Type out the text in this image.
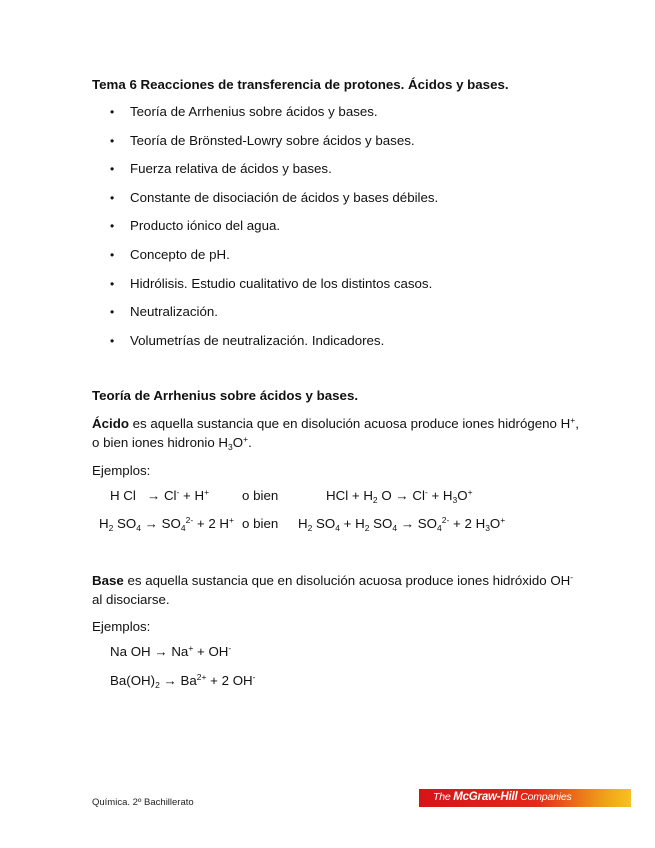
Tema 6 Reacciones de transferencia de protones. Ácidos y bases.
• Teoría de Arrhenius sobre ácidos y bases.
• Teoría de Brönsted-Lowry sobre ácidos y bases.
• Fuerza relativa de ácidos y bases.
• Constante de disociación de ácidos y bases débiles.
• Producto iónico del agua.
• Concepto de pH.
• Hidrólisis. Estudio cualitativo de los distintos casos.
• Neutralización.
• Volumetrías de neutralización. Indicadores.
Teoría de Arrhenius sobre ácidos y bases.
Ácido es aquella sustancia que en disolución acuosa produce iones hidrógeno H+,
o bien iones hidronio $H_3O^+$.
Ejemplos:
H Cl → Cl- + H+ o bien	HCl + $H_2$ $O \to Cl^- + H_3O^+$
$H_2$ $SO_4 \to SO_4^{2-} + 2$ H+ o bien $H_2$ $SO_4 + H_2$ $SO_4 \to SO_4^{2-} + 2$ $H_3O^+$
Base es aquella sustancia que en disolución acuosa produce iones hidróxido OH-
al disociarse.
Ejemplos:
Na OH → Na+ + OH-
$Ba(OH)_2 \to Ba^{2+} + 2$ OH-
Química. 2º Bachillerato	The McGraw-Hill Companies
